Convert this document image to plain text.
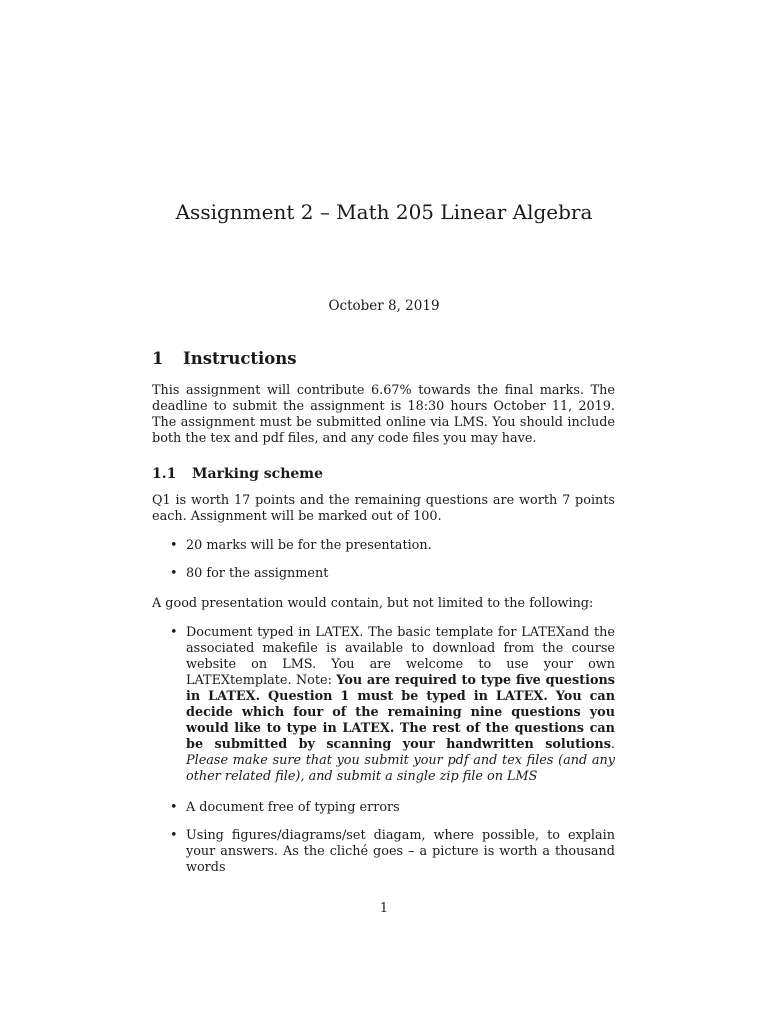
Assignment 2 – Math 205 Linear Algebra
October 8, 2019
1 Instructions

This assignment will contribute 6.67% towards the final marks. The deadline to submit the assignment is 18:30 hours October 11, 2019. The assignment must be submitted online via LMS. You should include both the tex and pdf files, and any code files you may have.

1.1 Marking scheme

Q1 is worth 17 points and the remaining questions are worth 7 points each. Assignment will be marked out of 100.

• 20 marks will be for the presentation.

• 80 for the assignment

A good presentation would contain, but not limited to the following:

• Document typed in LATEX. The basic template for LATEXand the associated makefile is available to download from the course website on LMS. You are welcome to use your own LATEXtemplate. Note: You are required to type five questions in LATEX. Question 1 must be typed in LATEX. You can decide which four of the remaining nine questions you would like to type in LATEX. The rest of the questions can be submitted by scanning your handwritten solutions. Please make sure that you submit your pdf and tex files (and any other related file), and submit a single zip file on LMS

• A document free of typing errors

• Using figures/diagrams/set diagam, where possible, to explain your answers. As the cliché goes – a picture is worth a thousand words

1
